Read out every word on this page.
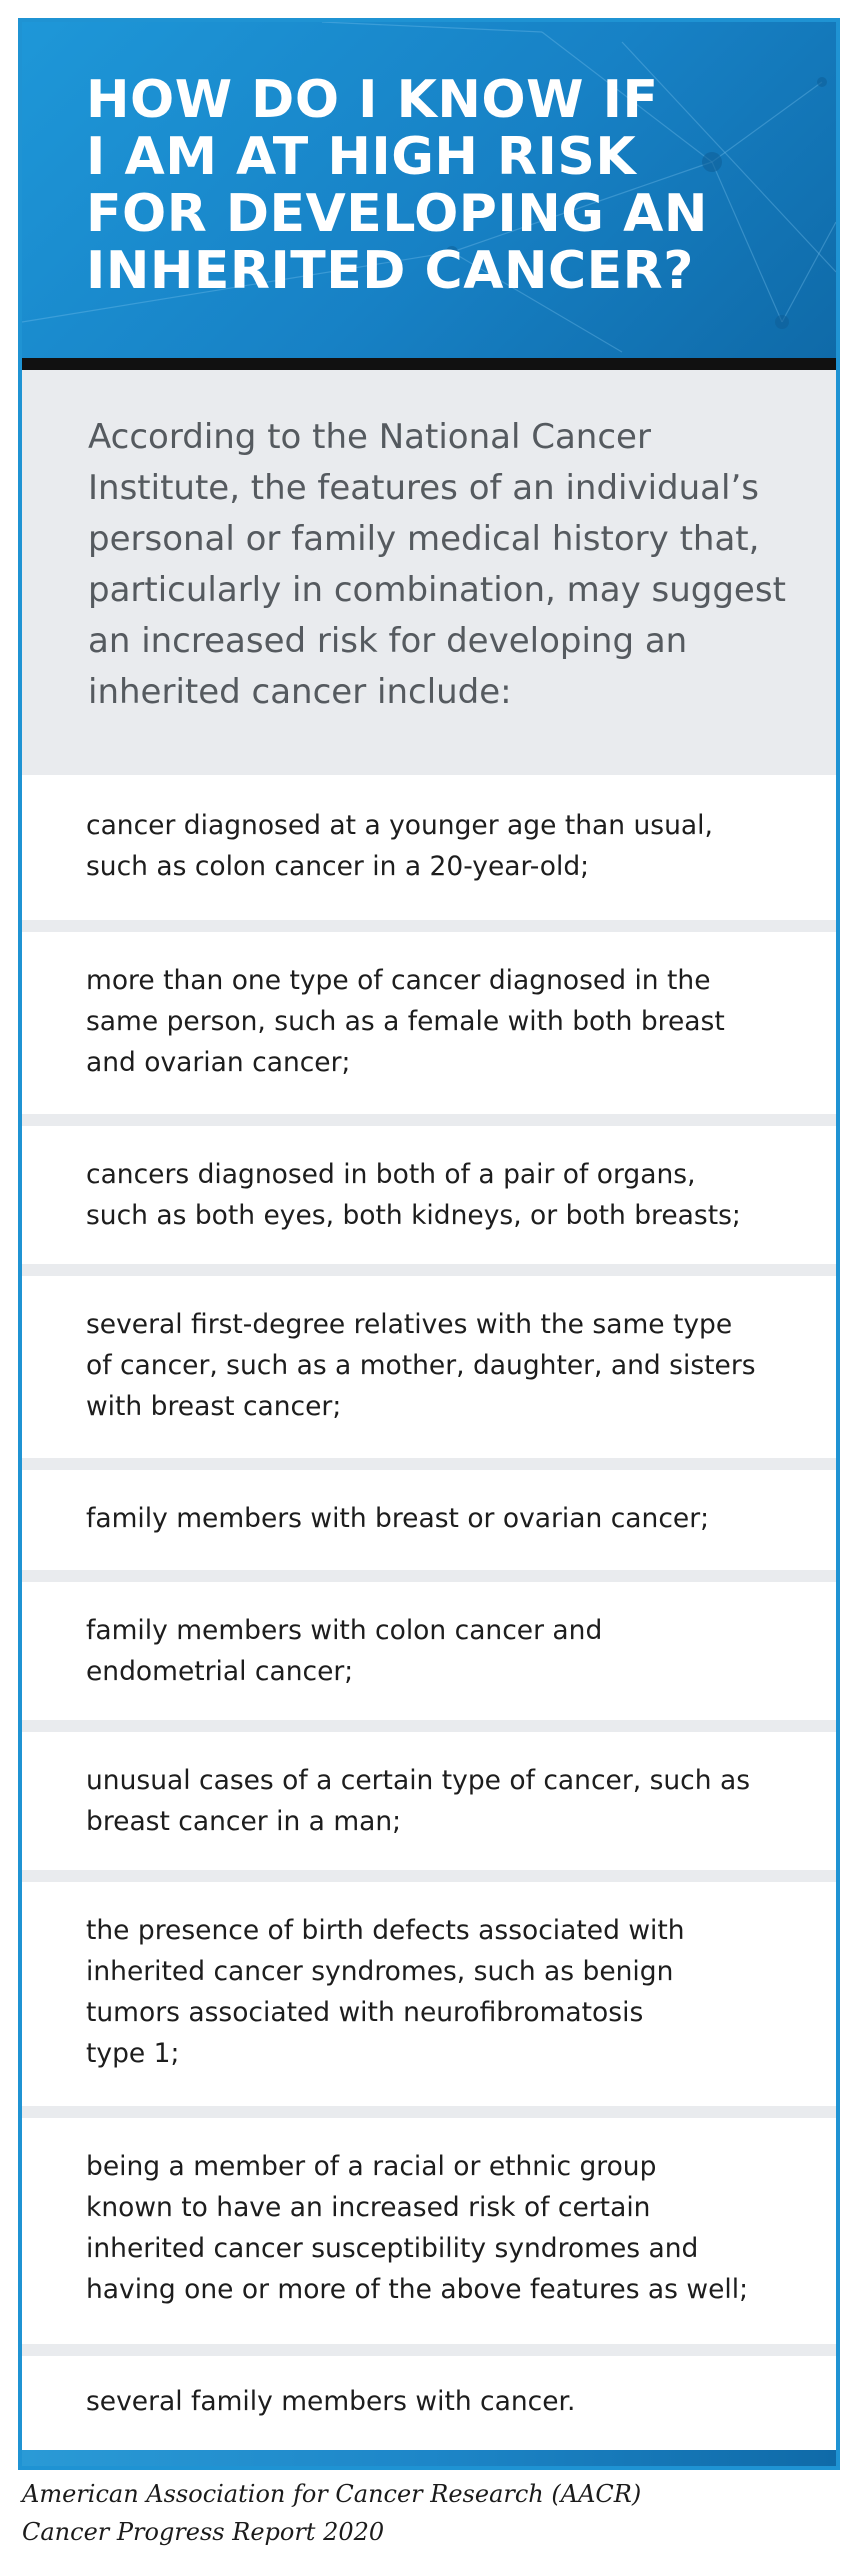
HOW DO I KNOW IF
I AM AT HIGH RISK
FOR DEVELOPING AN
INHERITED CANCER?

According to the National Cancer
Institute, the features of an individual’s
personal or family medical history that,
particularly in combination, may suggest
an increased risk for developing an
inherited cancer include:

cancer diagnosed at a younger age than usual,
such as colon cancer in a 20-year-old;
more than one type of cancer diagnosed in the
same person, such as a female with both breast
and ovarian cancer;
cancers diagnosed in both of a pair of organs,
such as both eyes, both kidneys, or both breasts;
several first-degree relatives with the same type
of cancer, such as a mother, daughter, and sisters
with breast cancer;
family members with breast or ovarian cancer;
family members with colon cancer and
endometrial cancer;
unusual cases of a certain type of cancer, such as
breast cancer in a man;
the presence of birth defects associated with
inherited cancer syndromes, such as benign
tumors associated with neurofibromatosis
type 1;
being a member of a racial or ethnic group
known to have an increased risk of certain
inherited cancer susceptibility syndromes and
having one or more of the above features as well;
several family members with cancer.

American Association for Cancer Research (AACR)
Cancer Progress Report 2020
